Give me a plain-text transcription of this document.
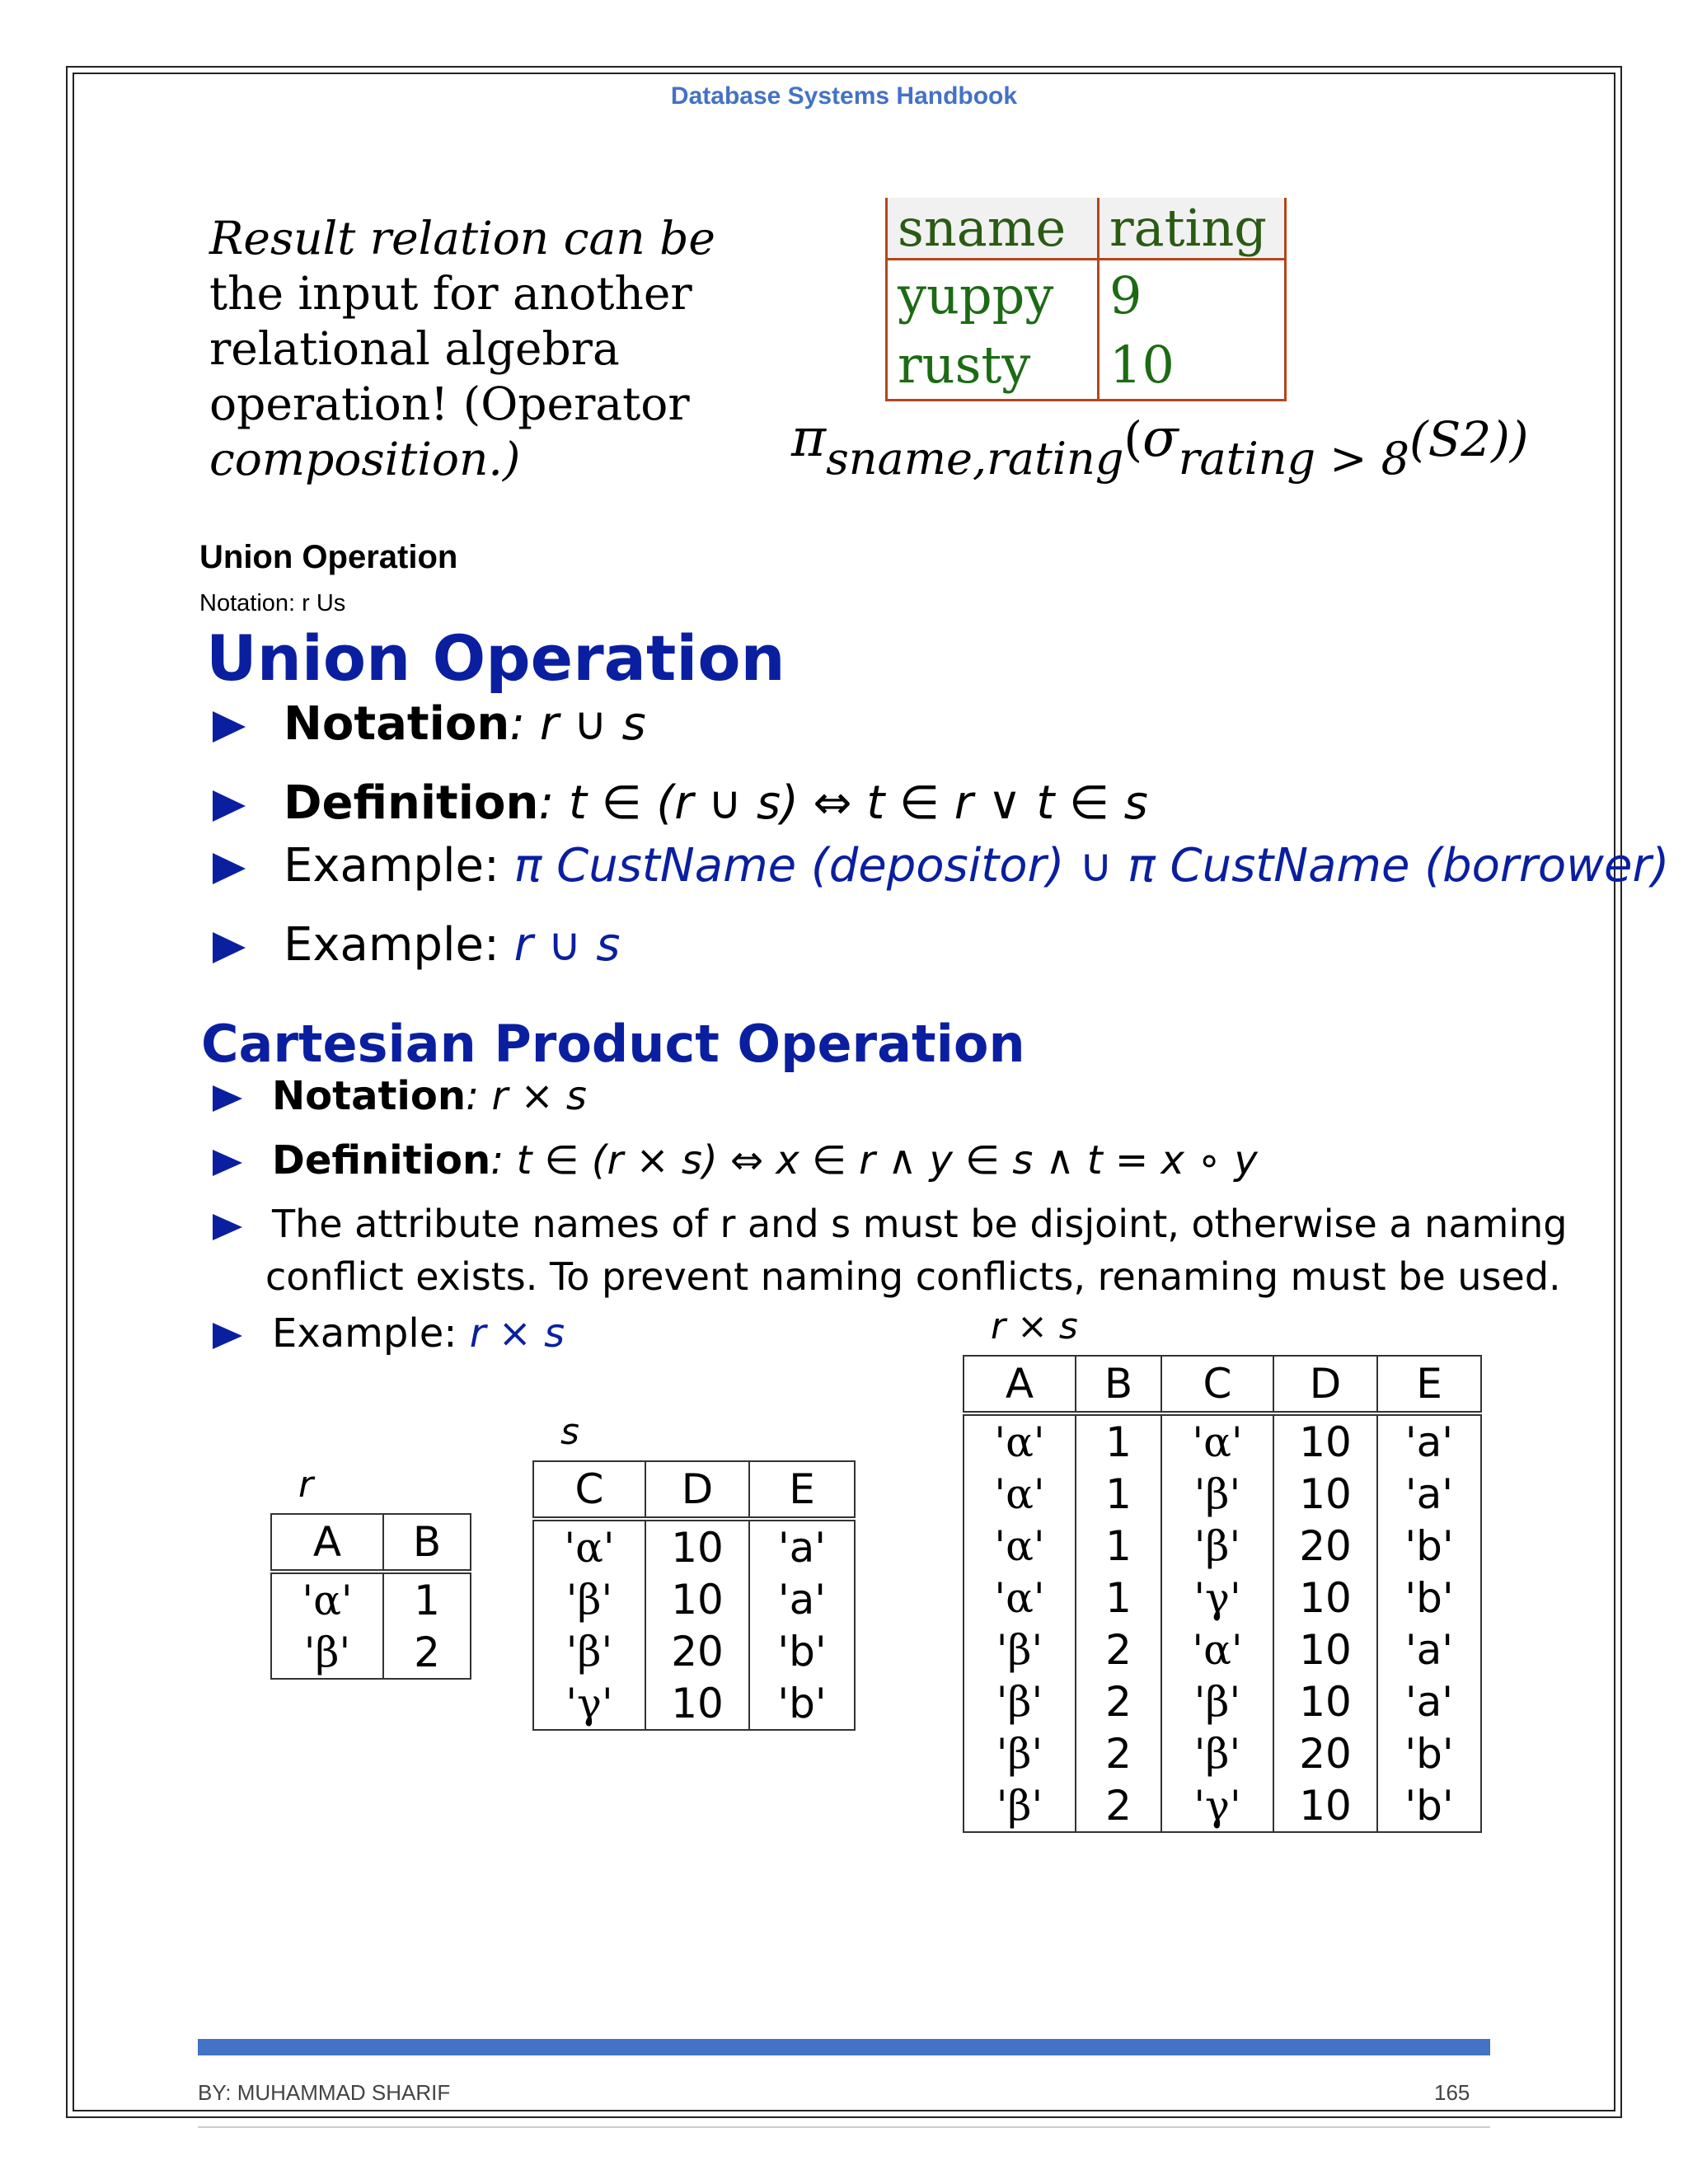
Database Systems Handbook
Result relation can be
the input for another
relational algebra
operation! (Operator
composition.)
sname	rating
yuppy	9
rusty	10
$\pi_{sname,rating}(\sigma_{rating > 8}(S2))$
Union Operation
Notation: r Us
Union Operation
Notation: r ∪ s
Definition: t ∈ (r ∪ s) ⇔ t ∈ r ∨ t ∈ s
Example: π CustName (depositor) ∪ π CustName (borrower)
Example: r ∪ s
Cartesian Product Operation
Notation: r × s
Definition: t ∈ (r × s) ⇔ x ∈ r ∧ y ∈ s ∧ t = x ∘ y
The attribute names of r and s must be disjoint, otherwise a naming
conflict exists. To prevent naming conflicts, renaming must be used.
Example: r × s
r
A	B
'α'	1
'β'	2
s
C	D	E
'α'	10	'a'
'β'	10	'a'
'β'	20	'b'
'γ'	10	'b'
r × s
A	B	C	D	E
'α'	1	'α'	10	'a'
'α'	1	'β'	10	'a'
'α'	1	'β'	20	'b'
'α'	1	'γ'	10	'b'
'β'	2	'α'	10	'a'
'β'	2	'β'	10	'a'
'β'	2	'β'	20	'b'
'β'	2	'γ'	10	'b'
BY: MUHAMMAD SHARIF	165
